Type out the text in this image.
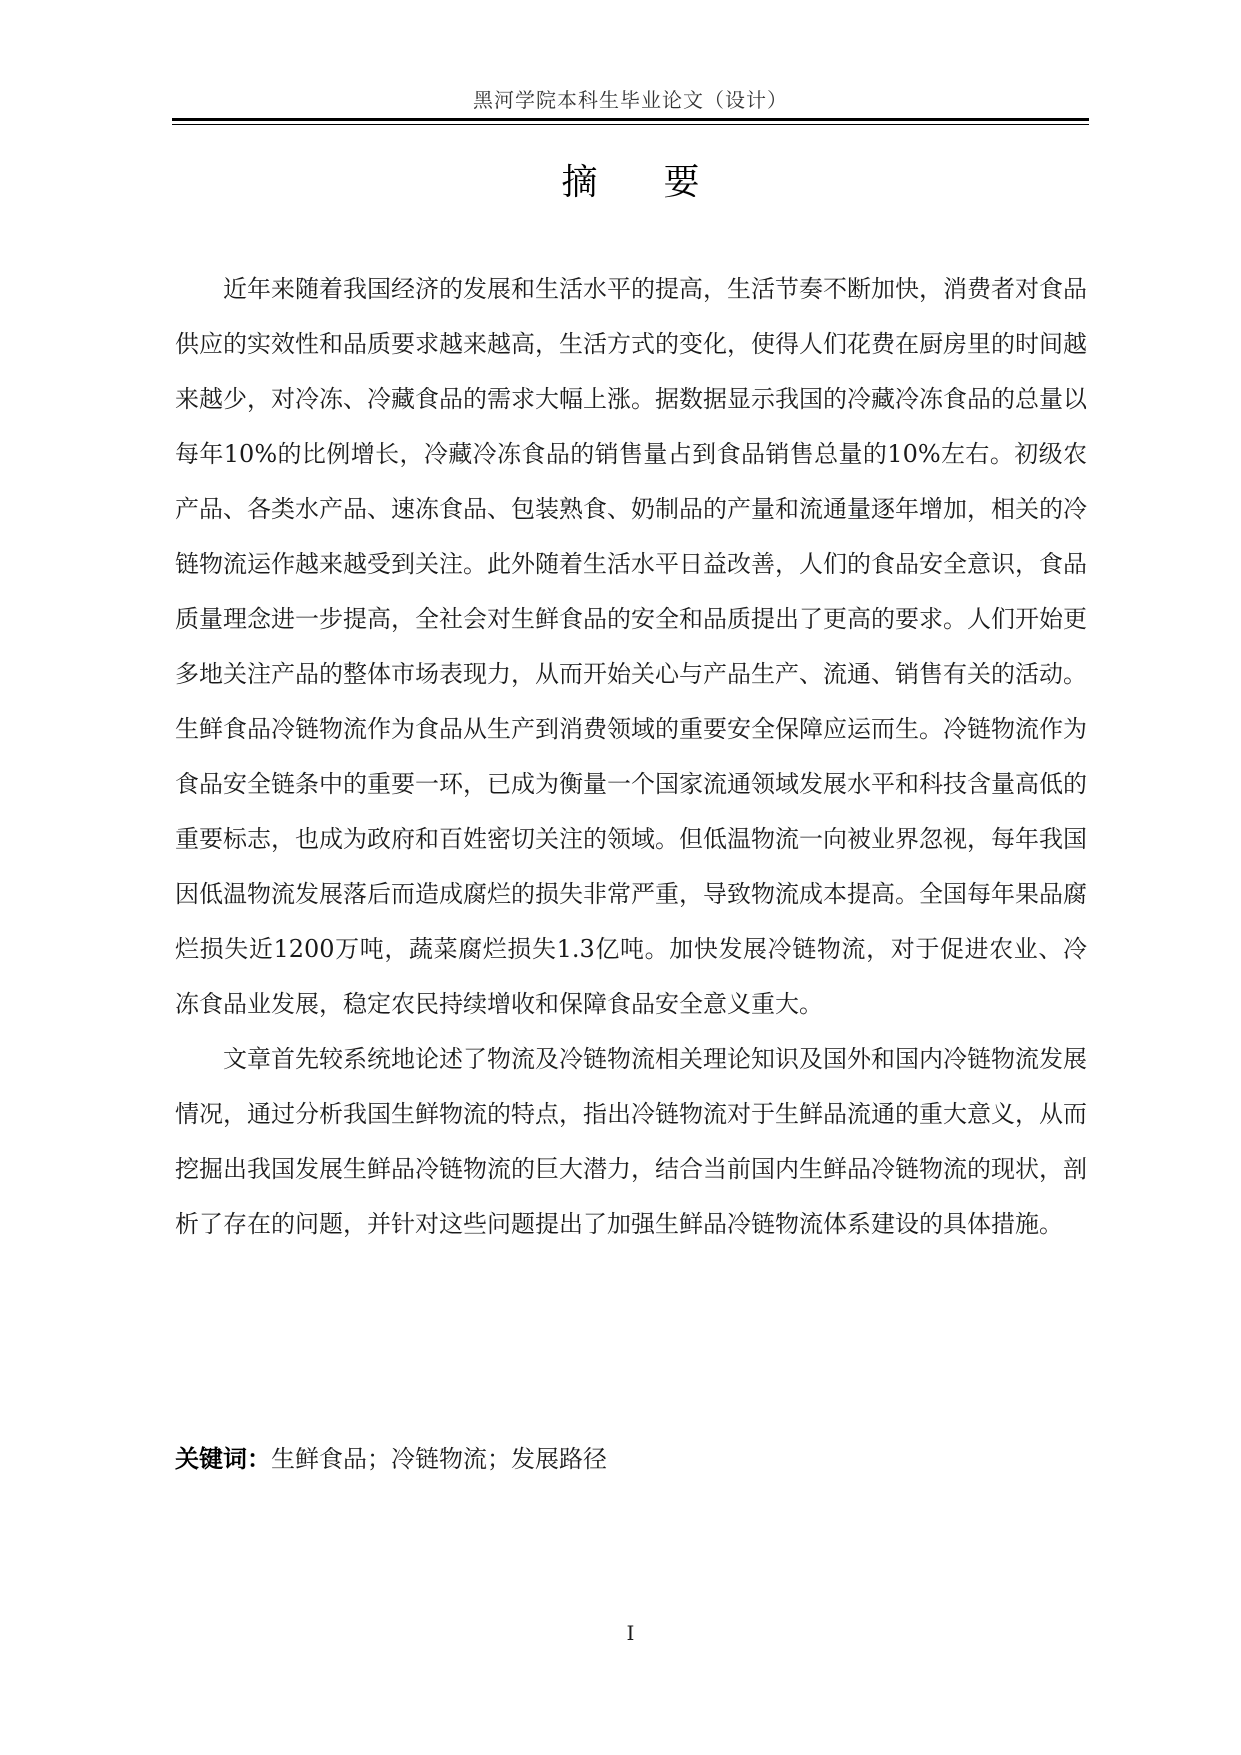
黑河学院本科生毕业论文（设计）
摘 要

近年来随着我国经济的发展和生活水平的提高，生活节奏不断加快，消费者对食品供应的实效性和品质要求越来越高，生活方式的变化，使得人们花费在厨房里的时间越来越少，对冷冻、冷藏食品的需求大幅上涨。据数据显示我国的冷藏冷冻食品的总量以每年10%的比例增长，冷藏冷冻食品的销售量占到食品销售总量的10%左右。初级农产品、各类水产品、速冻食品、包装熟食、奶制品的产量和流通量逐年增加，相关的冷链物流运作越来越受到关注。此外随着生活水平日益改善，人们的食品安全意识，食品质量理念进一步提高，全社会对生鲜食品的安全和品质提出了更高的要求。人们开始更多地关注产品的整体市场表现力，从而开始关心与产品生产、流通、销售有关的活动。生鲜食品冷链物流作为食品从生产到消费领域的重要安全保障应运而生。冷链物流作为食品安全链条中的重要一环，已成为衡量一个国家流通领域发展水平和科技含量高低的重要标志，也成为政府和百姓密切关注的领域。但低温物流一向被业界忽视，每年我国因低温物流发展落后而造成腐烂的损失非常严重，导致物流成本提高。全国每年果品腐烂损失近1200万吨，蔬菜腐烂损失1.3亿吨。加快发展冷链物流，对于促进农业、冷冻食品业发展，稳定农民持续增收和保障食品安全意义重大。

文章首先较系统地论述了物流及冷链物流相关理论知识及国外和国内冷链物流发展情况，通过分析我国生鲜物流的特点，指出冷链物流对于生鲜品流通的重大意义，从而挖掘出我国发展生鲜品冷链物流的巨大潜力，结合当前国内生鲜品冷链物流的现状，剖析了存在的问题，并针对这些问题提出了加强生鲜品冷链物流体系建设的具体措施。

关键词：生鲜食品；冷链物流；发展路径
I
